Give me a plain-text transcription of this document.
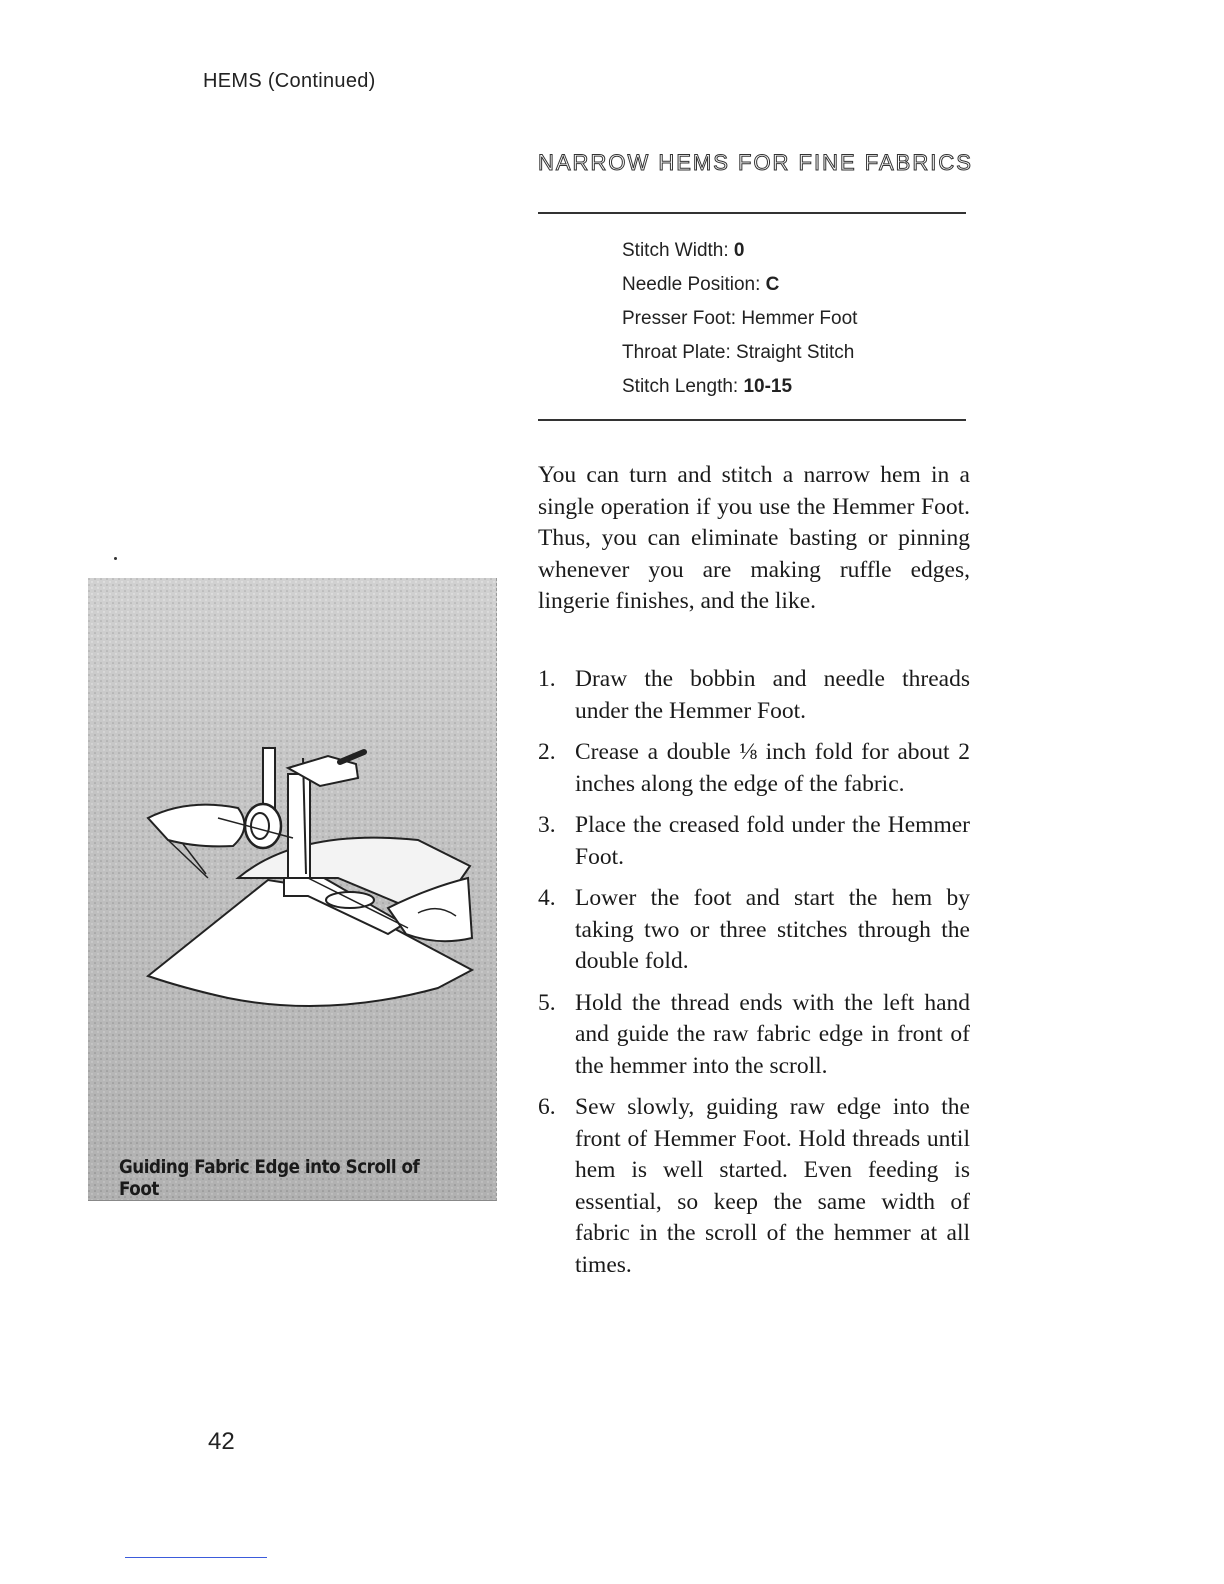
HEMS (Continued)
NARROW HEMS FOR FINE FABRICS
Stitch Width: 0
Needle Position: C
Presser Foot: Hemmer Foot
Throat Plate: Straight Stitch
Stitch Length: 10-15

You can turn and stitch a narrow hem in a single operation if you use the Hemmer Foot. Thus, you can eliminate basting or pinning whenever you are making ruffle edges, lingerie finishes, and the like.

1. Draw the bobbin and needle threads under the Hemmer Foot.
2. Crease a double ⅛ inch fold for about 2 inches along the edge of the fabric.
3. Place the creased fold under the Hemmer Foot.
4. Lower the foot and start the hem by taking two or three stitches through the double fold.
5. Hold the thread ends with the left hand and guide the raw fabric edge in front of the hemmer into the scroll.
6. Sew slowly, guiding raw edge into the front of Hemmer Foot. Hold threads until hem is well started. Even feeding is essential, so keep the same width of fabric in the scroll of the hemmer at all times.
Guiding Fabric Edge into Scroll of Foot
42
